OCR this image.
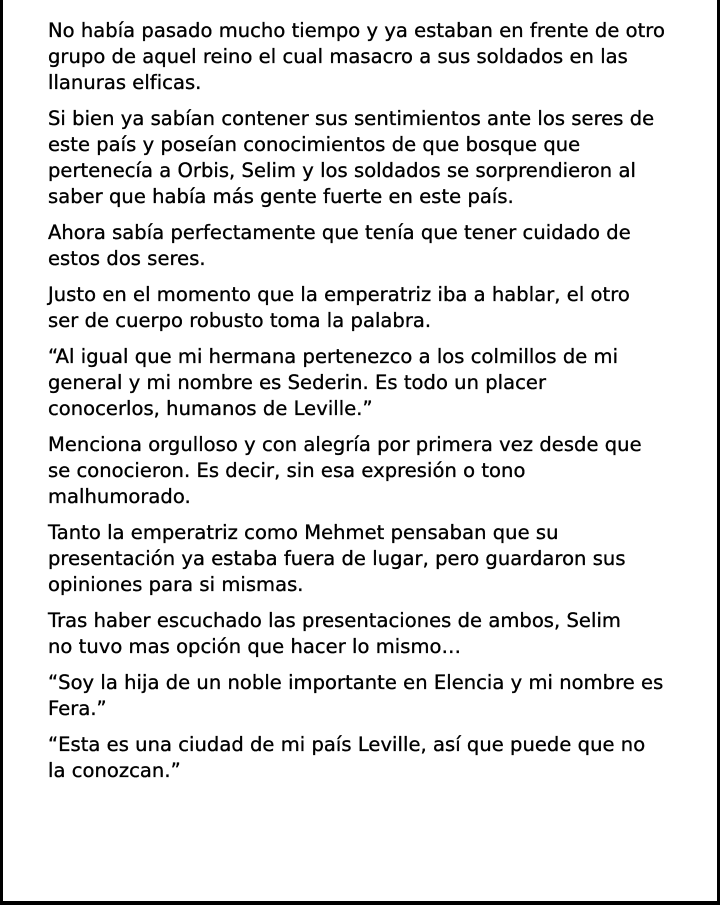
No había pasado mucho tiempo y ya estaban en frente de otro
grupo de aquel reino el cual masacro a sus soldados en las
llanuras elficas.

Si bien ya sabían contener sus sentimientos ante los seres de
este país y poseían conocimientos de que bosque que
pertenecía a Orbis, Selim y los soldados se sorprendieron al
saber que había más gente fuerte en este país.

Ahora sabía perfectamente que tenía que tener cuidado de
estos dos seres.

Justo en el momento que la emperatriz iba a hablar, el otro
ser de cuerpo robusto toma la palabra.

“Al igual que mi hermana pertenezco a los colmillos de mi
general y mi nombre es Sederin. Es todo un placer
conocerlos, humanos de Leville.”

Menciona orgulloso y con alegría por primera vez desde que
se conocieron. Es decir, sin esa expresión o tono
malhumorado.

Tanto la emperatriz como Mehmet pensaban que su
presentación ya estaba fuera de lugar, pero guardaron sus
opiniones para si mismas.

Tras haber escuchado las presentaciones de ambos, Selim
no tuvo mas opción que hacer lo mismo…

“Soy la hija de un noble importante en Elencia y mi nombre es
Fera.”

“Esta es una ciudad de mi país Leville, así que puede que no
la conozcan.”
